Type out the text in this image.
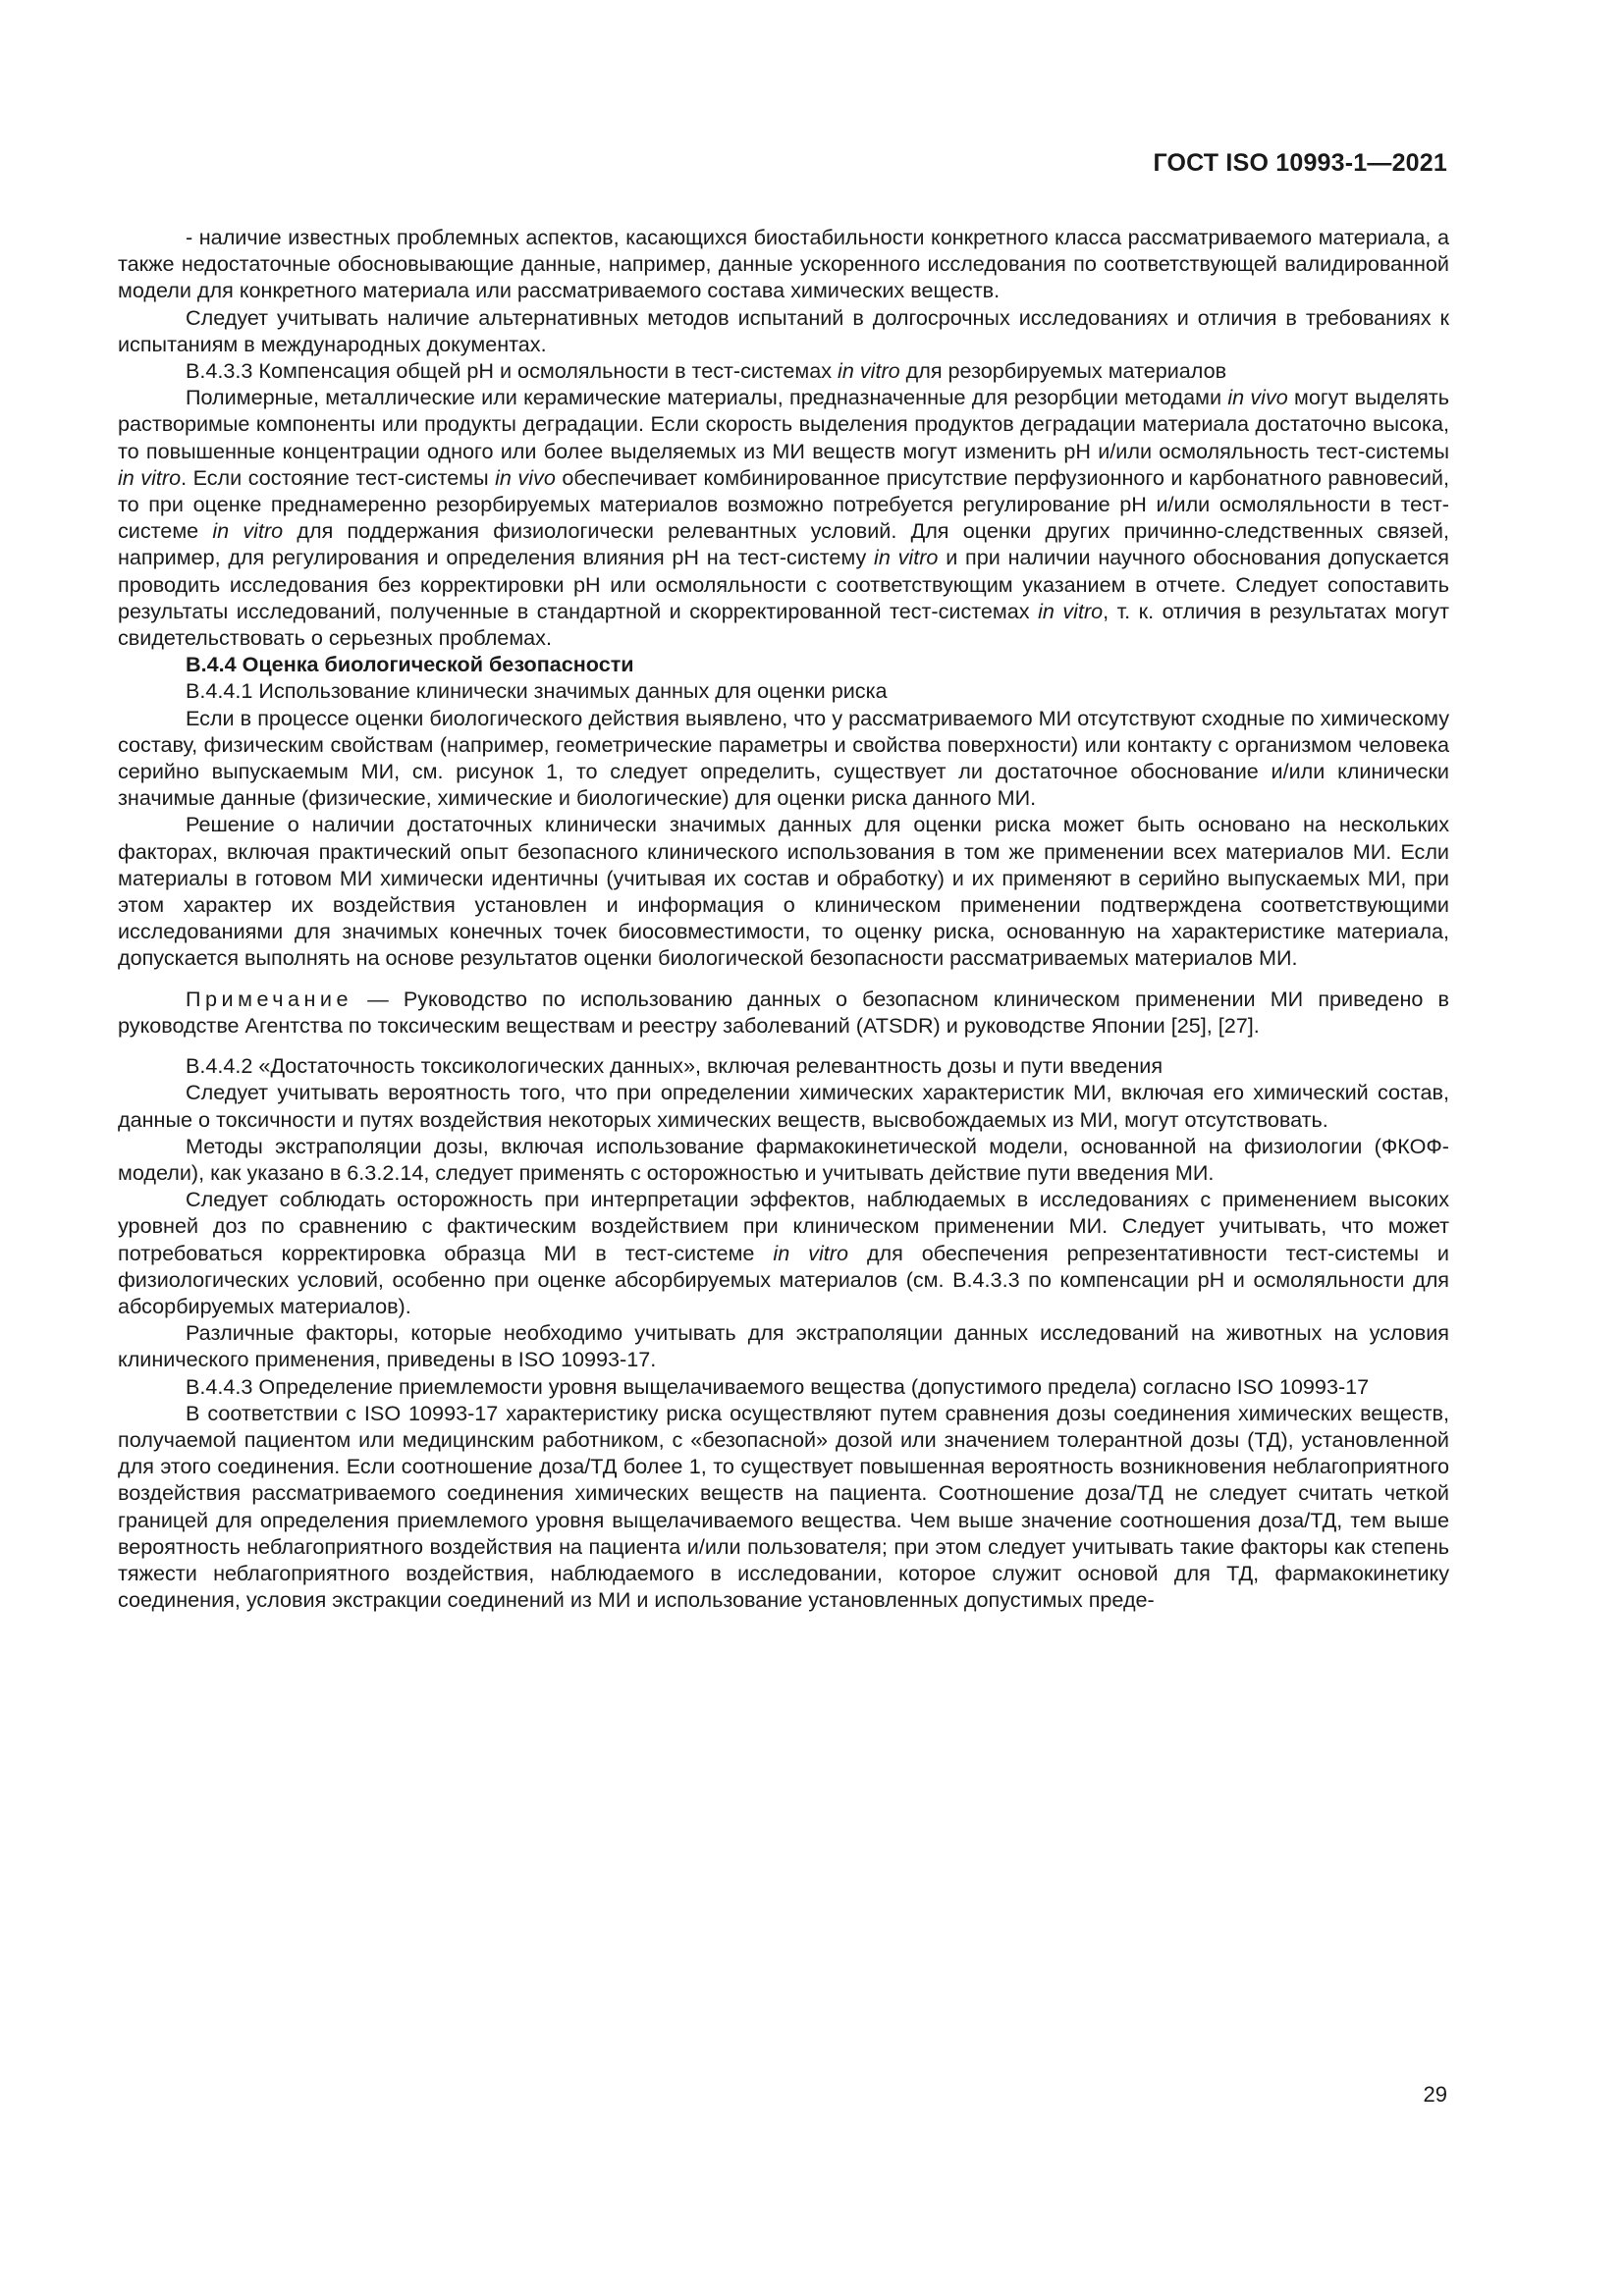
ГОСТ ISO 10993-1—2021

- наличие известных проблемных аспектов, касающихся биостабильности конкретного класса рассматриваемого материала, а также недостаточные обосновывающие данные, например, данные ускоренного исследования по соответствующей валидированной модели для конкретного материала или рассматриваемого состава химических веществ.

Следует учитывать наличие альтернативных методов испытаний в долгосрочных исследованиях и отличия в требованиях к испытаниям в международных документах.

В.4.3.3 Компенсация общей рН и осмоляльности в тест-системах in vitro для резорбируемых материалов

Полимерные, металлические или керамические материалы, предназначенные для резорбции методами in vivo могут выделять растворимые компоненты или продукты деградации. Если скорость выделения продуктов деградации материала достаточно высока, то повышенные концентрации одного или более выделяемых из МИ веществ могут изменить рН и/или осмоляльность тест-системы in vitro. Если состояние тест-системы in vivo обеспечивает комбинированное присутствие перфузионного и карбонатного равновесий, то при оценке преднамеренно резорбируемых материалов возможно потребуется регулирование рН и/или осмоляльности в тест-системе in vitro для поддержания физиологически релевантных условий. Для оценки других причинно-следственных связей, например, для регулирования и определения влияния рН на тест-систему in vitro и при наличии научного обоснования допускается проводить исследования без корректировки рН или осмоляльности с соответствующим указанием в отчете. Следует сопоставить результаты исследований, полученные в стандартной и скорректированной тест-системах in vitro, т. к. отличия в результатах могут свидетельствовать о серьезных проблемах.

В.4.4 Оценка биологической безопасности

В.4.4.1 Использование клинически значимых данных для оценки риска

Если в процессе оценки биологического действия выявлено, что у рассматриваемого МИ отсутствуют сходные по химическому составу, физическим свойствам (например, геометрические параметры и свойства поверхности) или контакту с организмом человека серийно выпускаемым МИ, см. рисунок 1, то следует определить, существует ли достаточное обоснование и/или клинически значимые данные (физические, химические и биологические) для оценки риска данного МИ.

Решение о наличии достаточных клинически значимых данных для оценки риска может быть основано на нескольких факторах, включая практический опыт безопасного клинического использования в том же применении всех материалов МИ. Если материалы в готовом МИ химически идентичны (учитывая их состав и обработку) и их применяют в серийно выпускаемых МИ, при этом характер их воздействия установлен и информация о клиническом применении подтверждена соответствующими исследованиями для значимых конечных точек биосовместимости, то оценку риска, основанную на характеристике материала, допускается выполнять на основе результатов оценки биологической безопасности рассматриваемых материалов МИ.

Примечание — Руководство по использованию данных о безопасном клиническом применении МИ приведено в руководстве Агентства по токсическим веществам и реестру заболеваний (ATSDR) и руководстве Японии [25], [27].

В.4.4.2 «Достаточность токсикологических данных», включая релевантность дозы и пути введения

Следует учитывать вероятность того, что при определении химических характеристик МИ, включая его химический состав, данные о токсичности и путях воздействия некоторых химических веществ, высвобождаемых из МИ, могут отсутствовать.

Методы экстраполяции дозы, включая использование фармакокинетической модели, основанной на физиологии (ФКОФ-модели), как указано в 6.3.2.14, следует применять с осторожностью и учитывать действие пути введения МИ.

Следует соблюдать осторожность при интерпретации эффектов, наблюдаемых в исследованиях с применением высоких уровней доз по сравнению с фактическим воздействием при клиническом применении МИ. Следует учитывать, что может потребоваться корректировка образца МИ в тест-системе in vitro для обеспечения репрезентативности тест-системы и физиологических условий, особенно при оценке абсорбируемых материалов (см. В.4.3.3 по компенсации рН и осмоляльности для абсорбируемых материалов).

Различные факторы, которые необходимо учитывать для экстраполяции данных исследований на животных на условия клинического применения, приведены в ISO 10993-17.

В.4.4.3 Определение приемлемости уровня выщелачиваемого вещества (допустимого предела) согласно ISO 10993-17

В соответствии с ISO 10993-17 характеристику риска осуществляют путем сравнения дозы соединения химических веществ, получаемой пациентом или медицинским работником, с «безопасной» дозой или значением толерантной дозы (ТД), установленной для этого соединения. Если соотношение доза/ТД более 1, то существует повышенная вероятность возникновения неблагоприятного воздействия рассматриваемого соединения химических веществ на пациента. Соотношение доза/ТД не следует считать четкой границей для определения приемлемого уровня выщелачиваемого вещества. Чем выше значение соотношения доза/ТД, тем выше вероятность неблагоприятного воздействия на пациента и/или пользователя; при этом следует учитывать такие факторы как степень тяжести неблагоприятного воздействия, наблюдаемого в исследовании, которое служит основой для ТД, фармакокинетику соединения, условия экстракции соединений из МИ и использование установленных допустимых преде-

29
